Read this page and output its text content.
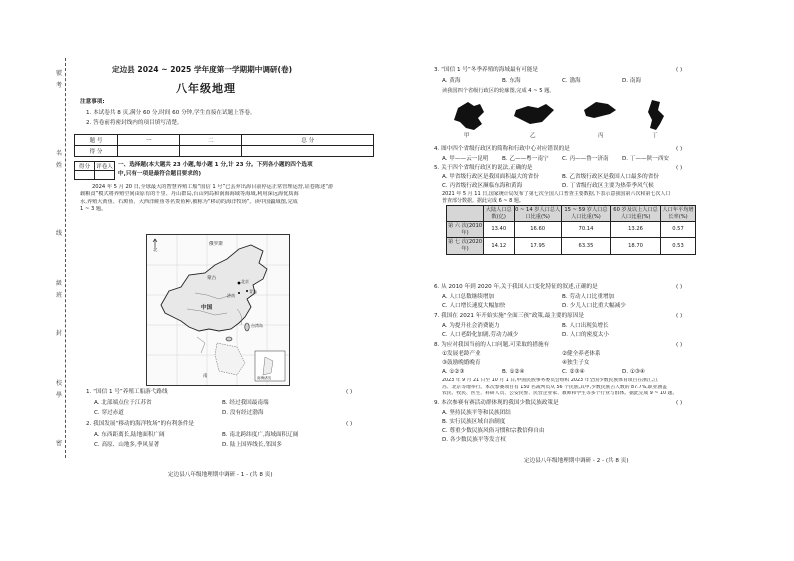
號
考
名
姓
线
級
班
封
校
學
密
定边县 2024 ~ 2025 学年度第一学期期中调研(卷)
八年级地理
注意事项:
1. 本试卷共 8 页,满分 60 分,时间 60 分钟,学生直接在试题上答卷。
2. 答卷前将密封线内的项目填写清楚。
题 号	一	二	总 分
得 分			
得分	评卷人
	一、选择题(本大题共 23 小题,每小题 1 分,计 23 分。下列各小题的四个选项
中,只有一项是最符合题目要求的)
2024 年 5 月 20 日,全球最大的智慧养殖工船“国信 1 号”已丢弃出海目前停运正常管理运营,证卷陈述“游
载粮食”模式将养殖空间由原有的千里、丹山群岛,台山列岛和南海海域等海域,利用深远海优质海
水,养殖大黄鱼、石斑鱼、大西洋鲑鱼等名贵鱼种,被称为“移动的海洋牧场”。读中国疆域图,完成
1 ~ 3 题。
北
南
俄罗斯
蒙古
中国
北京
青岛
济南
台湾岛
南海诸岛
1. “国信 1 号”养殖工船游弋路线	( )
A. 北部端点位于江苏省	B. 经过我国最南端
C. 穿过赤道	D. 没有经过渤海
2. 我国发展“移动的海洋牧场”的有利条件是	( )
A. 东西距离长,陆地面积广阔	B. 南北跨纬度广,海域面积辽阔
C. 高原、山地多,季风显著	D. 陆上国界线长,邻国多
定边县八年级地理期中调研 - 1 - (共 8 页)
3. “国信 1 号”冬季养殖的海域最有可能是	( )
A. 黄海	B. 东海	C. 渤海	D. 南海
读我国四个省级行政区的轮廓图,完成 4 ~ 5 题。
甲	乙	丙	丁
4. 图中四个省级行政区的简称和行政中心对应错误的是	( )
A. 甲——云一昆明 B. 乙——粤一南宁 C. 丙——鲁一济南 D. 丁——陕一西安
5. 关于四个省级行政区的说法,正确的是	( )
A. 甲省级行政区是我国面积最大的省份	B. 乙省级行政区是我国人口最多的省份
C. 丙省级行政区濒临东海和黄海	D. 丁省级行政区主要为热带季风气候
2021 年 5 月 11 日,国家统计局发布了第七次全国人口普查主要数据,下表示意我国第六次和第七次人口
普查部分数据。据此完成 6 ~ 8 题。
	大陆人口总数(亿)	0 ~ 14 岁人口总人口比重(%)	15 ~ 59 岁人口总人口比重(%)	60 岁及以上人口总人口比重(%)	人口年平均增长率(%)
第 六 次(2010 年)	13.40	16.60	70.14	13.26	0.57
第 七 次(2020 年)	14.12	17.95	63.35	18.70	0.53
6. 从 2010 年到 2020 年,关于我国人口变化特征的叙述,正确的是	( )
A. 人口总数继续增加	B. 劳动人口比重增加
C. 人口增长速度大幅加快	D. 少儿人口比重大幅减少
7. 我国在 2021 年开始实施“全面三孩”政策,最主要的原因是	( )
A. 为提升社会消费能力	B. 人口出现负增长
C. 人口老龄化加剧,劳动力减少	D. 人口的密度太小
8. 为应对我国当前的人口问题,可采取的措施有	( )
①发展老龄产业	②健全养老体系
③鼓励晚婚晚育	④独生子女
A. ①②③	B. ①②④	C. ②③④	D. ①③④
2023 年 9 月 21 日至 10 月 1 日,中国民族事务委员会组织 2023 年全国少数民族体育项目在浙江,江
苏、北京等地举行。本次参赛项目有 150 名裁判员从 56 个民族,其中,少数民族占人数的 87.7%,职业涵盖
农民、牧民、医生、科研人员、公安民警、民营企业家、教师和学生等多个行业与群体。据此完成 9 ~ 10 题。
9. 本次参赛有赛活动群体现的我国少数民族政策是	( )
A. 坚持民族平等和民族团结
B. 实行民族区域自治制度
C. 尊重少数民族风俗习惯和宗教信仰自由
D. 各少数民族平等发言权
定边县八年级地理期中调研 - 2 - (共 8 页)
